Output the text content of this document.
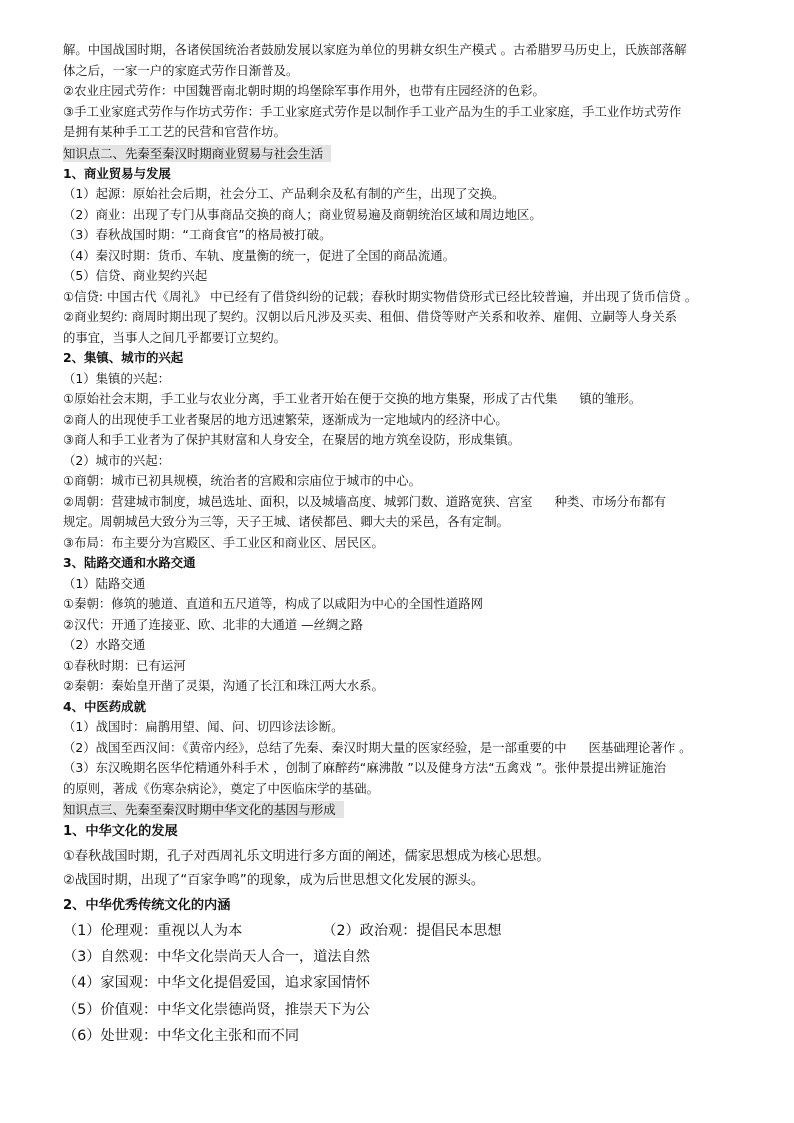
解。中国战国时期，各诸侯国统治者鼓励发展以家庭为单位的男耕女织生产模式 。古希腊罗马历史上，氏族部落解

体之后，一家一户的家庭式劳作日渐普及。

②农业庄园式劳作：中国魏晋南北朝时期的坞堡除军事作用外，也带有庄园经济的色彩。

③手工业家庭式劳作与作坊式劳作：手工业家庭式劳作是以制作手工业产品为生的手工业家庭，手工业作坊式劳作

是拥有某种手工工艺的民营和官营作坊。

知识点二、先秦至秦汉时期商业贸易与社会生活

1、商业贸易与发展

（1）起源：原始社会后期，社会分工、产品剩余及私有制的产生，出现了交换。

（2）商业：出现了专门从事商品交换的商人；商业贸易遍及商朝统治区域和周边地区。

（3）春秋战国时期：“工商食官”的格局被打破。

（4）秦汉时期：货币、车轨、度量衡的统一，促进了全国的商品流通。

（5）信贷、商业契约兴起

①信贷: 中国古代《周礼》 中已经有了借贷纠纷的记载；春秋时期实物借贷形式已经比较普遍，并出现了货币信贷 。

②商业契约: 商周时期出现了契约。汉朝以后凡涉及买卖、租佃、借贷等财产关系和收养、雇佣、立嗣等人身关系

的事宜，当事人之间几乎都要订立契约。

2、集镇、城市的兴起

（1）集镇的兴起：

①原始社会末期，手工业与农业分离，手工业者开始在便于交换的地方集聚，形成了古代集 镇的雏形。

②商人的出现使手工业者聚居的地方迅速繁荣，逐渐成为一定地域内的经济中心。

③商人和手工业者为了保护其财富和人身安全，在聚居的地方筑垒设防，形成集镇。

（2）城市的兴起：

①商朝：城市已初具规模，统治者的宫殿和宗庙位于城市的中心。

②周朝：营建城市制度，城邑选址、面积，以及城墙高度、城郭门数、道路宽狭、宫室 种类、市场分布都有

规定。周朝城邑大致分为三等，天子王城、诸侯都邑、卿大夫的采邑，各有定制。

③布局：布主要分为宫殿区、手工业区和商业区、居民区。

3、陆路交通和水路交通

（1）陆路交通

①秦朝：修筑的驰道、直道和五尺道等，构成了以咸阳为中心的全国性道路网

②汉代：开通了连接亚、欧、北非的大通道 —丝绸之路

（2）水路交通

①春秋时期：已有运河

②秦朝：秦始皇开凿了灵渠，沟通了长江和珠江两大水系。

4、中医药成就

（1）战国时：扁鹊用望、闻、问、切四诊法诊断。

（2）战国至西汉间：《黄帝内经》，总结了先秦、秦汉时期大量的医家经验，是一部重要的中 医基础理论著作 。

（3）东汉晚期名医华佗精通外科手术 ，创制了麻醉药“麻沸散 ”以及健身方法“五禽戏 ”。张仲景提出辨证施治

的原则，著成《伤寒杂病论》，奠定了中医临床学的基础。

知识点三、先秦至秦汉时期中华文化的基因与形成

1、中华文化的发展

①春秋战国时期，孔子对西周礼乐文明进行多方面的阐述，儒家思想成为核心思想。

②战国时期，出现了“百家争鸣”的现象，成为后世思想文化发展的源头。

2、中华优秀传统文化的内涵

（1）伦理观：重视以人为本	（2）政治观：提倡民本思想

（3）自然观：中华文化崇尚天人合一，道法自然

（4）家国观：中华文化提倡爱国，追求家国情怀

（5）价值观：中华文化崇德尚贤，推崇天下为公

（6）处世观：中华文化主张和而不同
